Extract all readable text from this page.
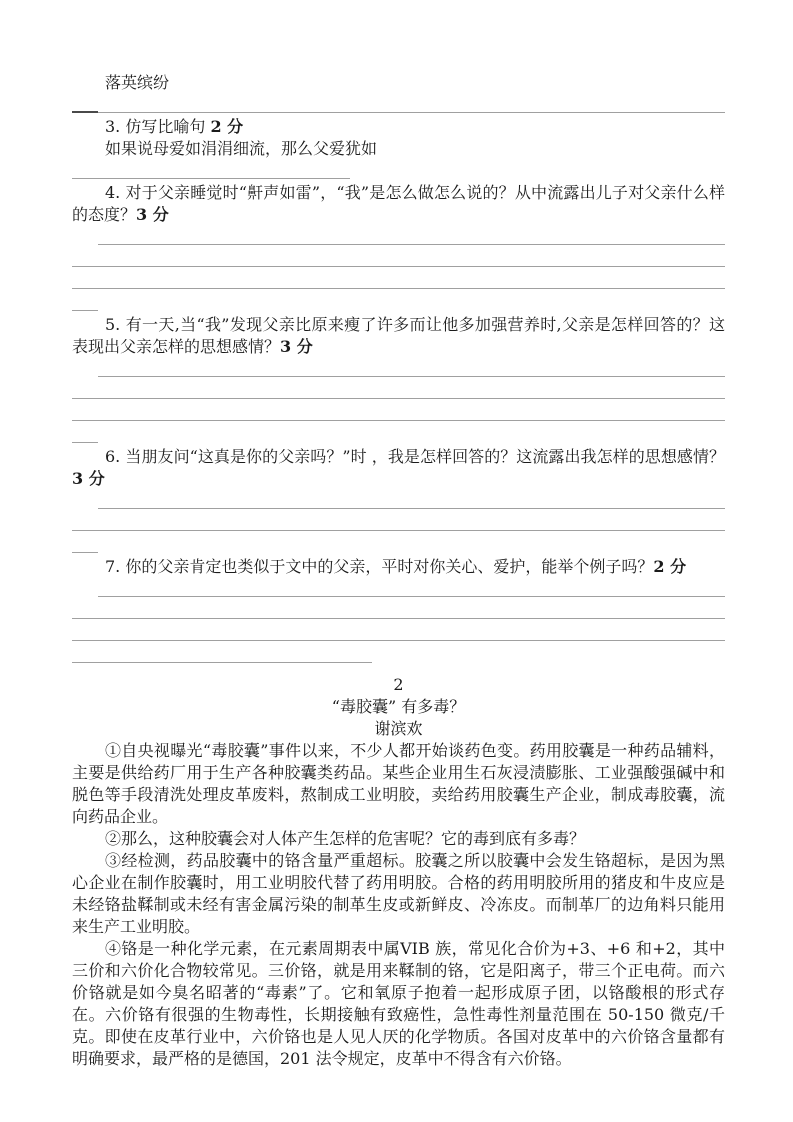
落英缤纷
3. 仿写比喻句 2 分
如果说母爱如涓涓细流，那么父爱犹如
4. 对于父亲睡觉时“鼾声如雷”，“我”是怎么做怎么说的？从中流露出儿子对父亲什么样的态度？3 分
5. 有一天,当“我”发现父亲比原来瘦了许多而让他多加强营养时,父亲是怎样回答的？这表现出父亲怎样的思想感情？3 分
6. 当朋友问“这真是你的父亲吗？”时 ，我是怎样回答的？这流露出我怎样的思想感情？3 分
7. 你的父亲肯定也类似于文中的父亲，平时对你关心、爱护，能举个例子吗？2 分
2
“毒胶囊” 有多毒？
谢滨欢
①自央视曝光“毒胶囊”事件以来，不少人都开始谈药色变。药用胶囊是一种药品辅料，主要是供给药厂用于生产各种胶囊类药品。某些企业用生石灰浸渍膨胀、工业强酸强碱中和脱色等手段清洗处理皮革废料，熬制成工业明胶，卖给药用胶囊生产企业，制成毒胶囊，流向药品企业。
②那么，这种胶囊会对人体产生怎样的危害呢？它的毒到底有多毒？
③经检测，药品胶囊中的铬含量严重超标。胶囊之所以胶囊中会发生铬超标，是因为黑心企业在制作胶囊时，用工业明胶代替了药用明胶。合格的药用明胶所用的猪皮和牛皮应是未经铬盐鞣制或未经有害金属污染的制革生皮或新鲜皮、冷冻皮。而制革厂的边角料只能用来生产工业明胶。
④铬是一种化学元素，在元素周期表中属VIB 族，常见化合价为+3、+6 和+2，其中三价和六价化合物较常见。三价铬，就是用来鞣制的铬，它是阳离子，带三个正电荷。而六价铬就是如今臭名昭著的“毒素”了。它和氧原子抱着一起形成原子团，以铬酸根的形式存在。六价铬有很强的生物毒性，长期接触有致癌性，急性毒性剂量范围在 50-150 微克/千克。即使在皮革行业中，六价铬也是人见人厌的化学物质。各国对皮革中的六价铬含量都有明确要求，最严格的是德国，201 法令规定，皮革中不得含有六价铬。
